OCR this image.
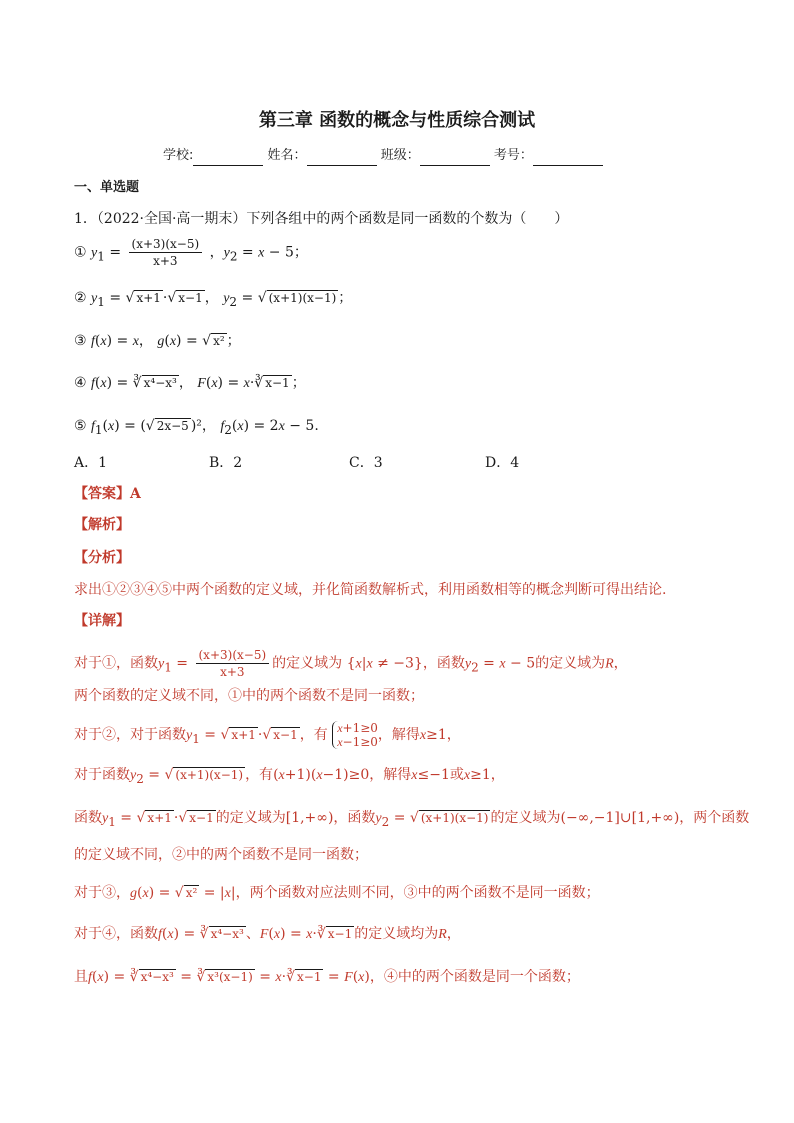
第三章 函数的概念与性质综合测试
学校:	姓名：	班级：	考号：
一、单选题
1．（2022·全国·高一期末）下列各组中的两个函数是同一函数的个数为（　　）
① $y_1 = \frac{(x+3)(x-5)}{x+3}$ ，$y_2 = x - 5$；
② $y_1$ = √ x+1 ·√ x−1 ， $y_2$ = √ (x+1)(x−1) ；
③ f(x) = x， g(x) = √ x² ；
④ f(x) = ∛ x⁴−x³ ， F(x) = x·∛ x−1 ；
⑤ $f_1(x)$ = (√ 2x−5 )²， $f_2(x) = 2x - 5$.
A．1	B．2	C．3	D．4
【答案】A
【解析】
【分析】
求出①②③④⑤中两个函数的定义域，并化简函数解析式，利用函数相等的概念判断可得出结论.
【详解】
对于①，函数$y_1 = \frac{(x+3)(x-5)}{x+3}$ 的定义域为 {x|x ≠ −3}，函数$y_2 = x - 5$的定义域为R，
两个函数的定义域不同，①中的两个函数不是同一函数；
对于②，对于函数$y_1$ = √ x+1 ·√ x−1 ，有 x+1≥0
x−1≥0，解得x≥1，
对于函数$y_2$ = √ (x+1)(x−1) ，有(x+1)(x−1)≥0，解得x≤−1或x≥1，
函数$y_1$ = √ x+1 ·√ x−1 的定义域为[1,+∞)，函数$y_2$ = √ (x+1)(x−1) 的定义域为(−∞,−1]∪[1,+∞)，两个函数
的定义域不同，②中的两个函数不是同一函数；
对于③，g(x) = √ x² = |x|，两个函数对应法则不同，③中的两个函数不是同一函数；
对于④，函数f(x) = ∛ x⁴−x³ 、F(x) = x·∛ x−1 的定义域均为R，
且f(x) = ∛ x⁴−x³ = ∛ x³(x−1) = x·∛ x−1 = F(x)，④中的两个函数是同一个函数；
